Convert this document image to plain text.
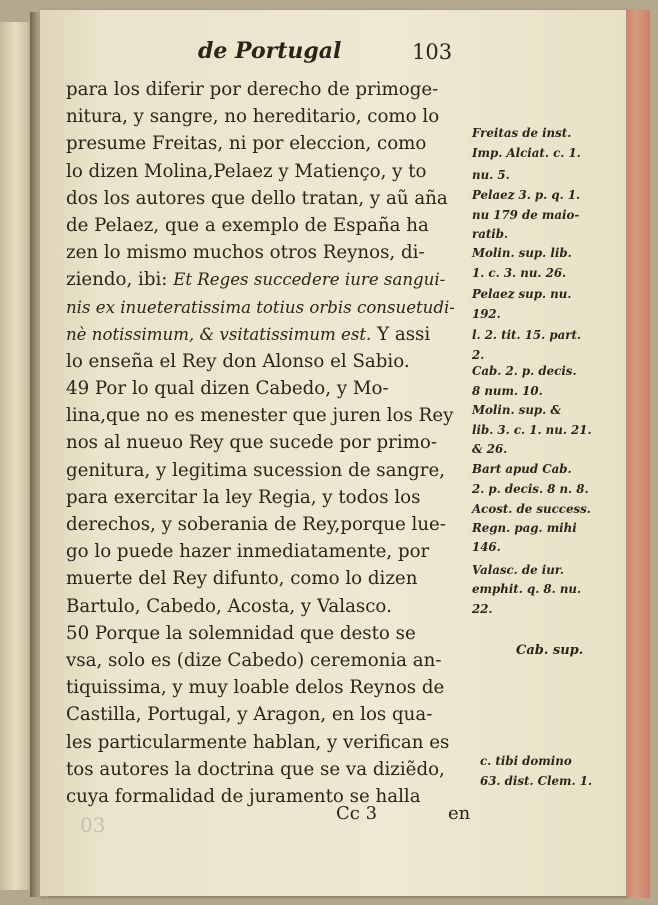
de Portugal	103
para los diferir por derecho de primoge-
nitura, y sangre, no hereditario, como lo
presume Freitas, ni por eleccion, como
lo dizen Molina,Pelaez y Matienço, y to
dos los autores que dello tratan, y aũ aña
de Pelaez, que a exemplo de España ha
zen lo mismo muchos otros Reynos, di-
ziendo, ibi: Et Reges succedere iure sangui-
nis ex inueteratissima totius orbis consuetudi-
nè notissimum, & vsitatissimum est. Y assi
lo enseña el Rey don Alonso el Sabio.
49 Por lo qual dizen Cabedo, y Mo-
lina,que no es menester que juren los Rey
nos al nueuo Rey que sucede por primo-
genitura, y legitima sucession de sangre,
para exercitar la ley Regia, y todos los
derechos, y soberania de Rey,porque lue-
go lo puede hazer inmediatamente, por
muerte del Rey difunto, como lo dizen
Bartulo, Cabedo, Acosta, y Valasco.
50 Porque la solemnidad que desto se
vsa, solo es (dize Cabedo) ceremonia an-
tiquissima, y muy loable delos Reynos de
Castilla, Portugal, y Aragon, en los qua-
les particularmente hablan, y verifican es
tos autores la doctrina que se va diziẽdo,
cuya formalidad de juramento se halla
Freitas de inst.
Imp. Alciat. c. 1.
nu. 5.
Pelaez 3. p. q. 1.
nu 179 de maio-
ratib.
Molin. sup. lib.
1. c. 3. nu. 26.
Pelaez sup. nu.
192.
l. 2. tit. 15. part.
2.
Cab. 2. p. decis.
8 num. 10.
Molin. sup. &
lib. 3. c. 1. nu. 21.
& 26.
Bart apud Cab.
2. p. decis. 8 n. 8.
Acost. de success.
Regn. pag. mihi
146.
Valasc. de iur.
emphit. q. 8. nu.
22.
Cab. sup.
c. tibi domino
63. dist. Clem. 1.
03	Cc 3	en
